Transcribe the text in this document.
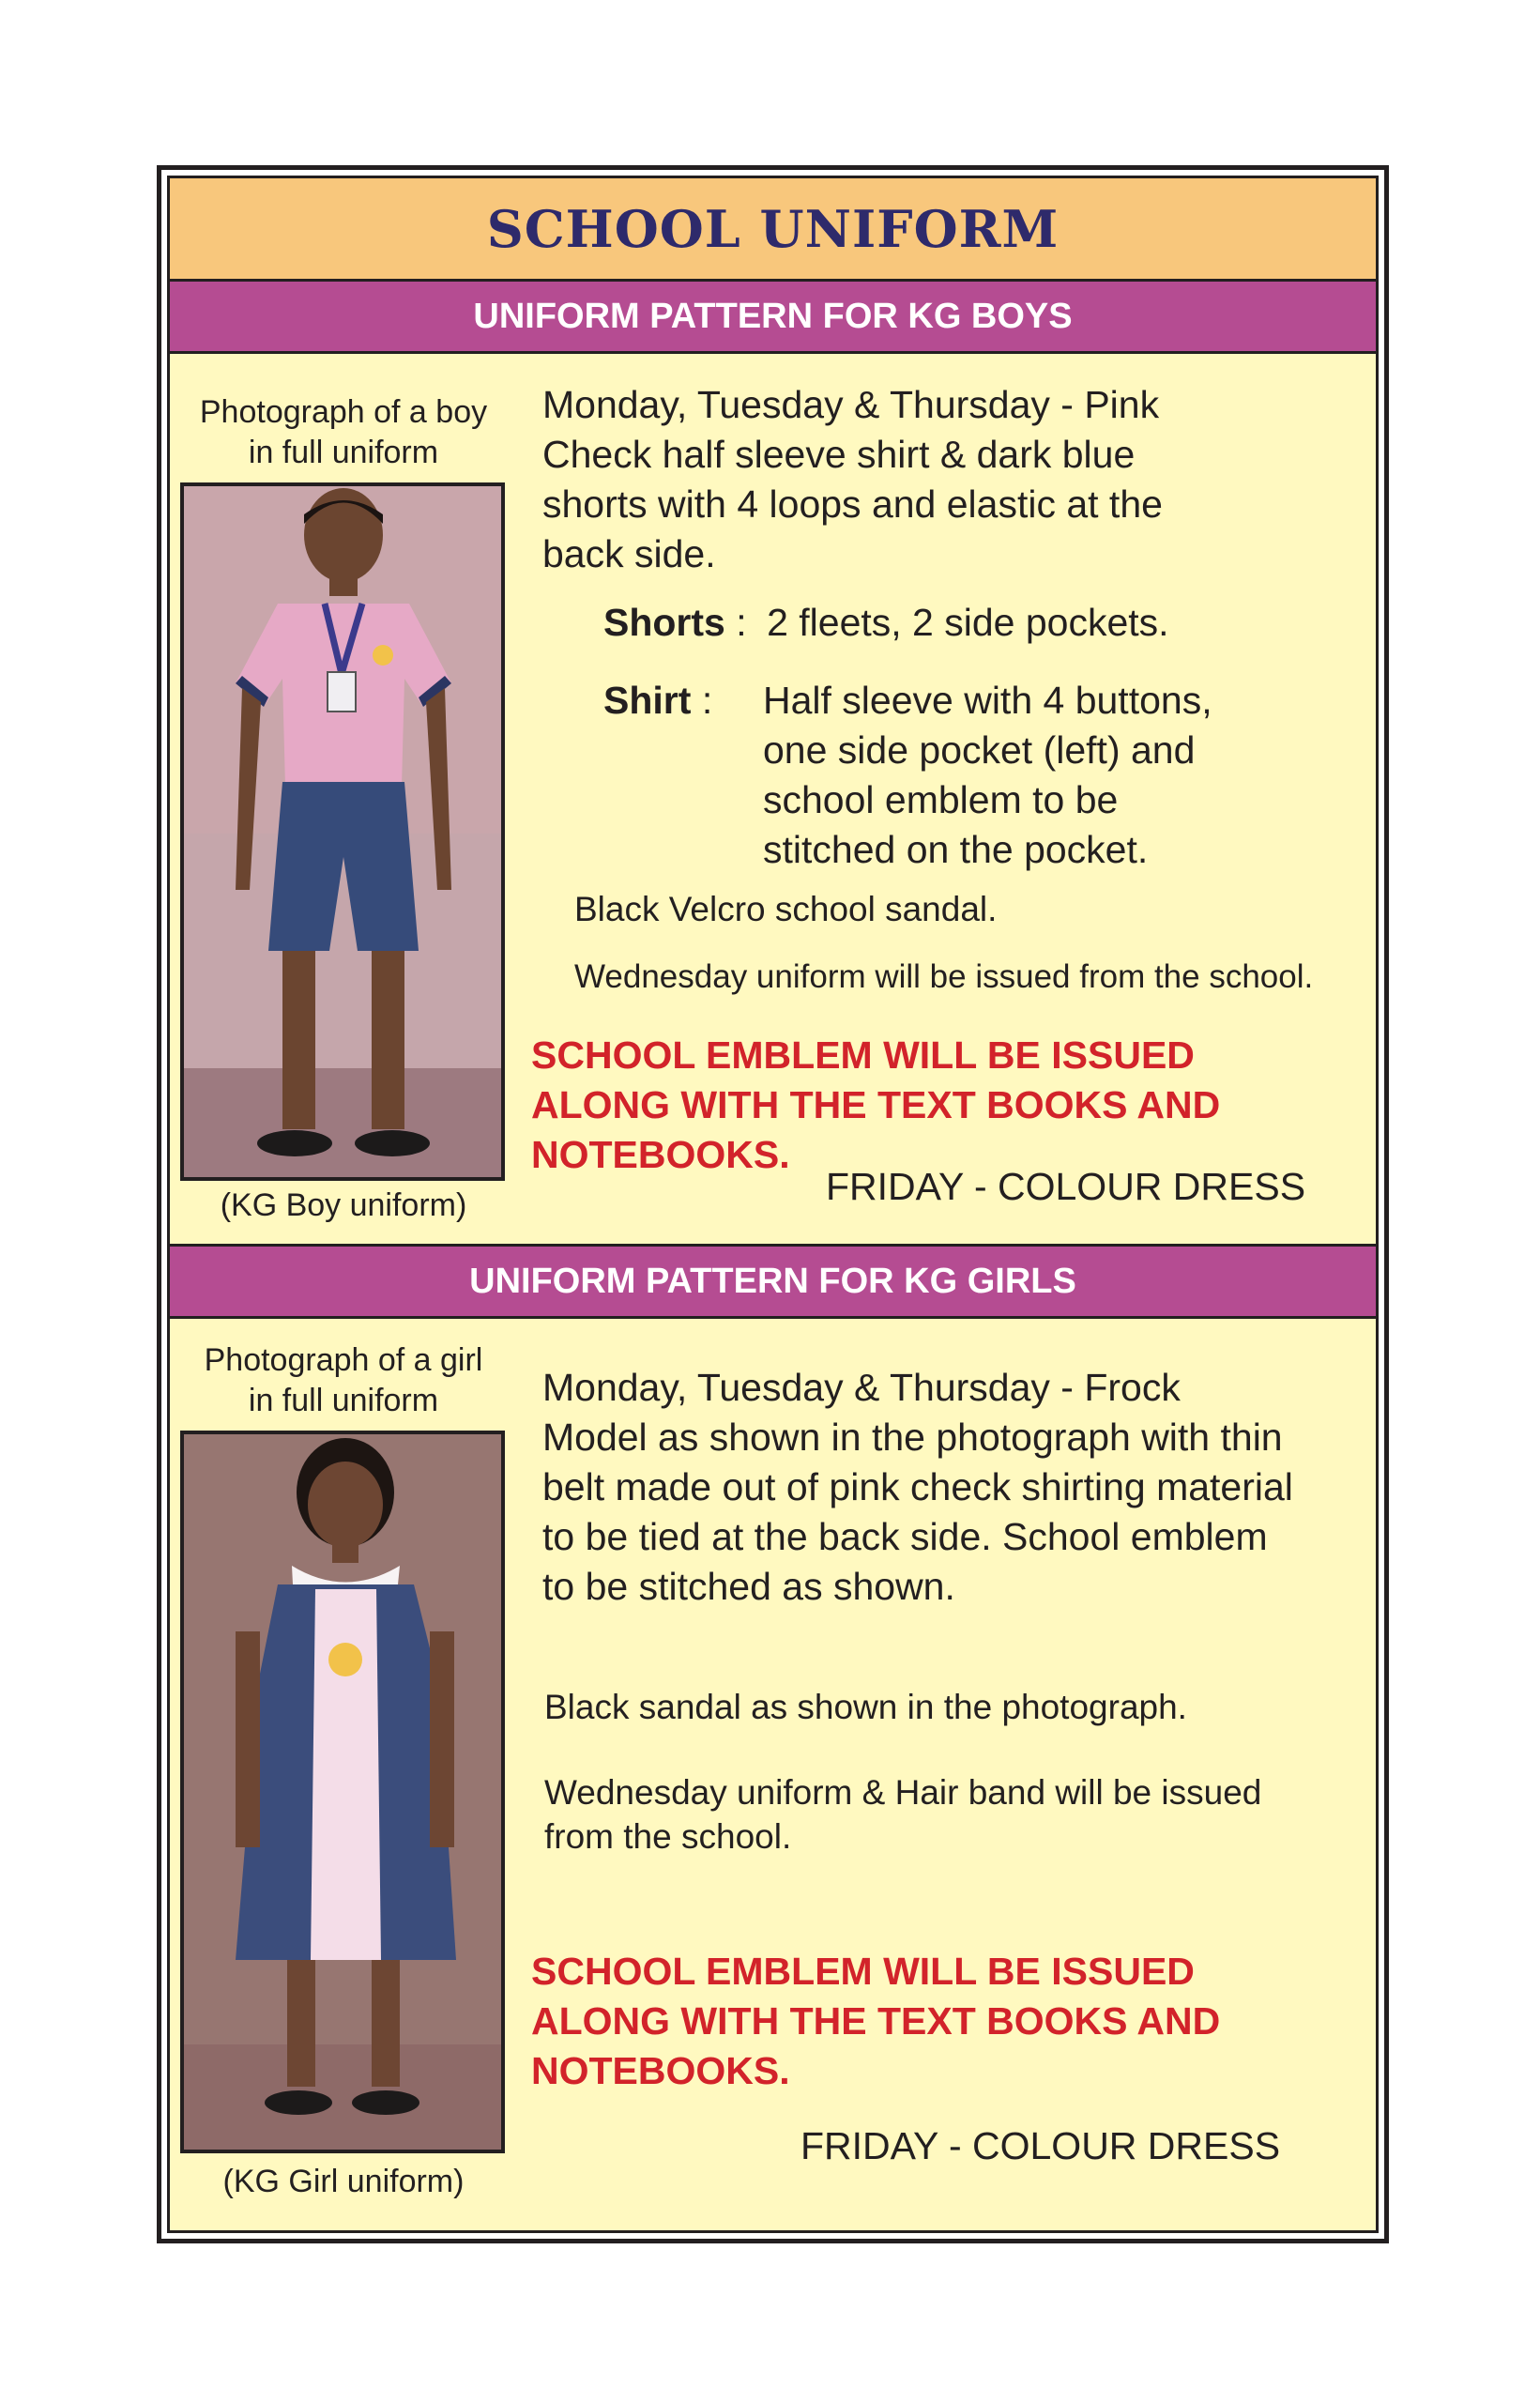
SCHOOL UNIFORM
UNIFORM PATTERN FOR KG BOYS
Photograph of a boy
in full uniform
(KG Boy uniform)
Monday, Tuesday & Thursday - Pink
Check half sleeve shirt & dark blue
shorts with 4 loops and elastic at the
back side.
Shorts : 2 fleets, 2 side pockets.
Shirt : Half sleeve with 4 buttons,
one side pocket (left) and
school emblem to be
stitched on the pocket.
Black Velcro school sandal.
Wednesday uniform will be issued from the school.
SCHOOL EMBLEM WILL BE ISSUED
ALONG WITH THE TEXT BOOKS AND
NOTEBOOKS.
FRIDAY - COLOUR DRESS
UNIFORM PATTERN FOR KG GIRLS
Photograph of a girl
in full uniform
(KG Girl uniform)
Monday, Tuesday & Thursday - Frock
Model as shown in the photograph with thin
belt made out of pink check shirting material
to be tied at the back side. School emblem
to be stitched as shown.
Black sandal as shown in the photograph.
Wednesday uniform & Hair band will be issued
from the school.
SCHOOL EMBLEM WILL BE ISSUED
ALONG WITH THE TEXT BOOKS AND
NOTEBOOKS.
FRIDAY - COLOUR DRESS
